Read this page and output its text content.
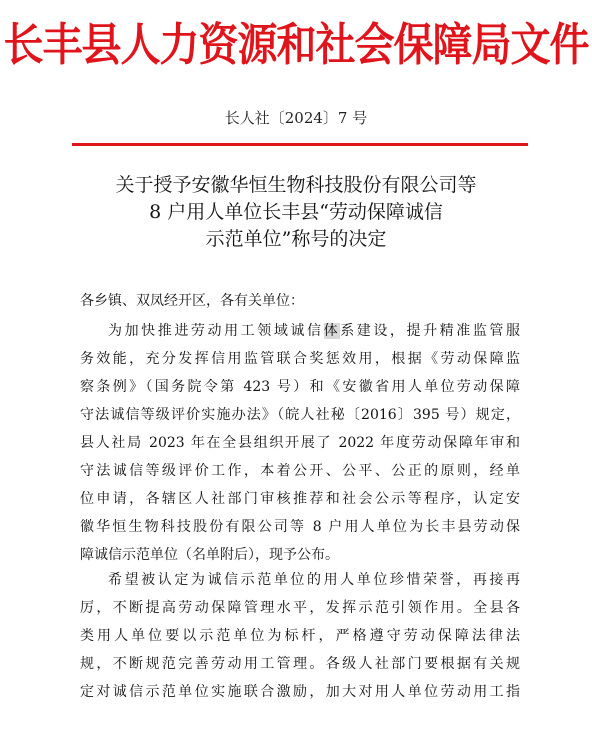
长丰县人力资源和社会保障局文件
长人社〔2024〕7 号
关于授予安徽华恒生物科技股份有限公司等
8 户用人单位长丰县“劳动保障诚信
示范单位”称号的决定
各乡镇、双凤经开区，各有关单位：
为加快推进劳动用工领域诚信体系建设，提升精准监管服
务效能，充分发挥信用监管联合奖惩效用，根据《劳动保障监
察条例》（国务院令第 423 号）和《安徽省用人单位劳动保障
守法诚信等级评价实施办法》（皖人社秘〔2016〕395 号）规定，
县人社局 2023 年在全县组织开展了 2022 年度劳动保障年审和
守法诚信等级评价工作，本着公开、公平、公正的原则，经单
位申请，各辖区人社部门审核推荐和社会公示等程序，认定安
徽华恒生物科技股份有限公司等 8 户用人单位为长丰县劳动保
障诚信示范单位（名单附后），现予公布。
希望被认定为诚信示范单位的用人单位珍惜荣誉，再接再
厉，不断提高劳动保障管理水平，发挥示范引领作用。全县各
类用人单位要以示范单位为标杆，严格遵守劳动保障法律法
规，不断规范完善劳动用工管理。各级人社部门要根据有关规
定对诚信示范单位实施联合激励，加大对用人单位劳动用工指
